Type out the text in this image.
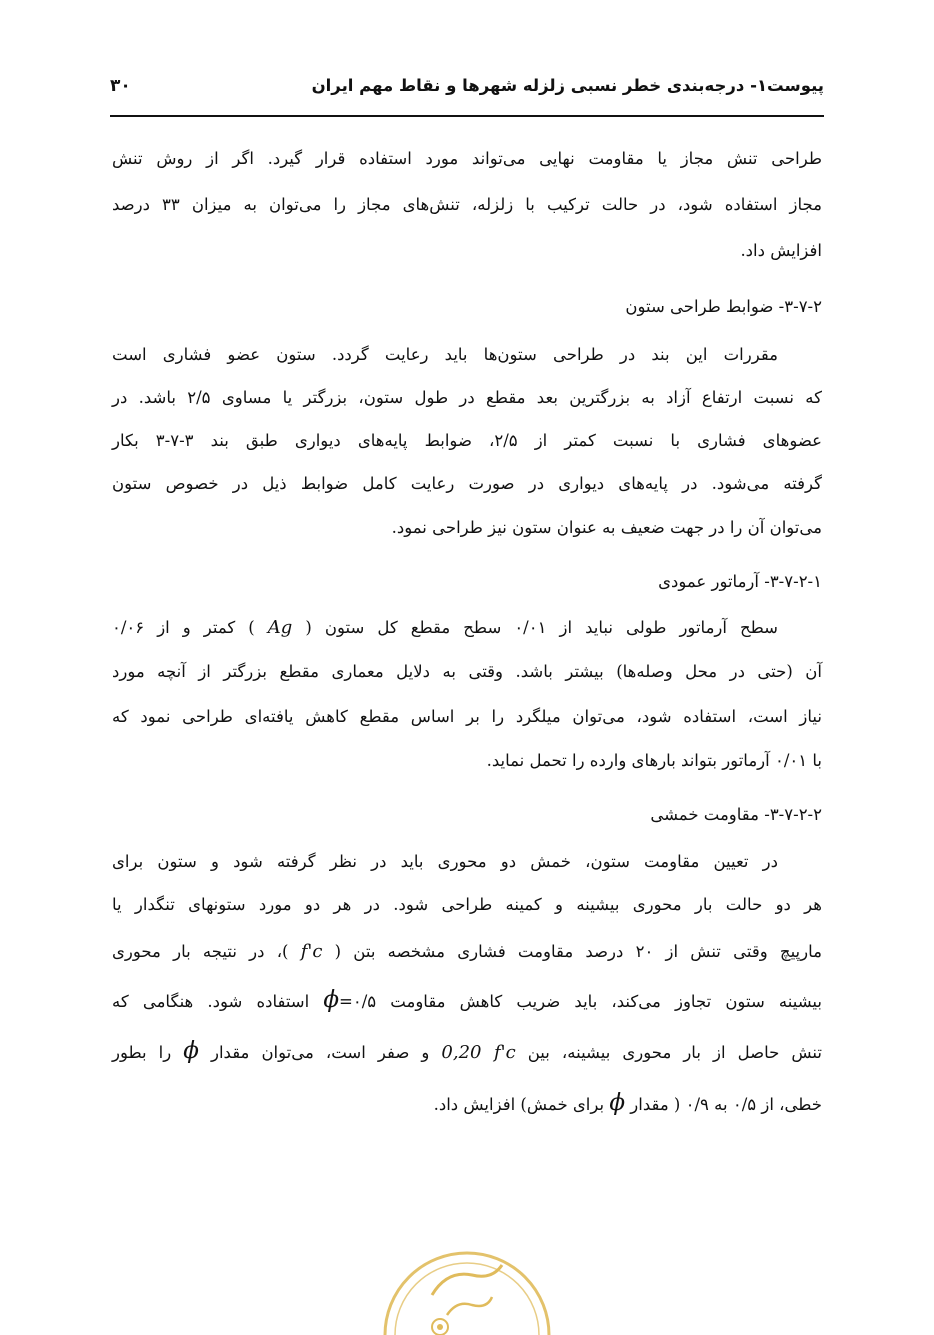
پیوست۱- درجه‌بندی خطر نسبی زلزله شهرها و نقاط مهم ایران
۳۰
طراحی تنش مجاز یا مقاومت نهایی می‌تواند مورد استفاده قرار گیرد. اگر از روش تنش
مجاز استفاده شود، در حالت ترکیب با زلزله، تنش‌های مجاز را می‌توان به میزان ۳۳ درصد
افزایش داد.
۳-۷-۲- ضوابط طراحی ستون
مقررات این بند در طراحی ستون‌ها باید رعایت گردد. ستون عضو فشاری است
که نسبت ارتفاع آزاد به بزرگترین بعد مقطع در طول ستون، بزرگتر یا مساوی ۲/۵ باشد. در
عضوهای فشاری با نسبت کمتر از ۲/۵، ضوابط پایه‌های دیواری طبق بند ۳-۷-۳ بکار
گرفته می‌شود. در پایه‌های دیواری در صورت رعایت کامل ضوابط ذیل در خصوص ستون
می‌توان آن را در جهت ضعیف به عنوان ستون نیز طراحی نمود.
۳-۷-۲-۱- آرماتور عمودی
سطح آرماتور طولی نباید از ۰/۰۱ سطح مقطع کل ستون ( Ag ) کمتر و از ۰/۰۶
آن (حتی در محل وصله‌ها) بیشتر باشد. وقتی به دلایل معماری مقطع بزرگتر از آنچه مورد
نیاز است، استفاده شود، می‌توان میلگرد را بر اساس مقطع کاهش یافته‌ای طراحی نمود که
با ۰/۰۱ آرماتور بتواند بارهای وارده را تحمل نماید.
۳-۷-۲-۲- مقاومت خمشی
در تعیین مقاومت ستون، خمش دو محوری باید در نظر گرفته شود و ستون برای
هر دو حالت بار محوری بیشینه و کمینه طراحی شود. در هر دو مورد ستونهای تنگدار یا
مارپیچ وقتی تنش از ۲۰ درصد مقاومت فشاری مشخصه بتن ( f'c )، در نتیجه بار محوری
بیشینه ستون تجاوز می‌کند، باید ضریب کاهش مقاومت ϕ=۰/۵ استفاده شود. هنگامی که
تنش حاصل از بار محوری بیشینه، بین 0,20 f'c و صفر است، می‌توان مقدار ϕ را بطور
خطی، از ۰/۵ به ۰/۹ ( مقدار ϕ برای خمش) افزایش داد.
